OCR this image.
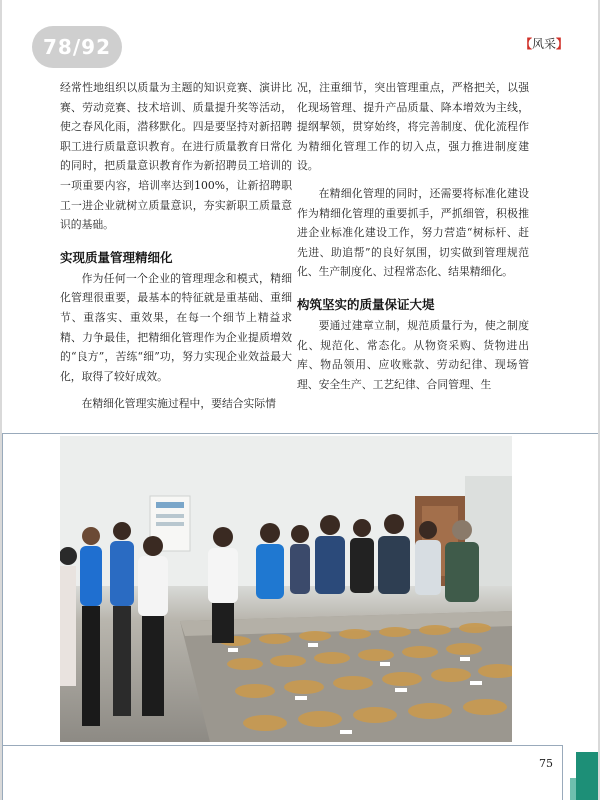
78/92	【风采】

经常性地组织以质量为主题的知识竞赛、演讲比赛、劳动竞赛、技术培训、质量提升奖等活动，使之春风化雨，潜移默化。四是要坚持对新招聘职工进行质量意识教育。在进行质量教育日常化的同时，把质量意识教育作为新招聘员工培训的一项重要内容，培训率达到100%，让新招聘职工一进企业就树立质量意识，夯实新职工质量意识的基础。

实现质量管理精细化

作为任何一个企业的管理理念和模式，精细化管理很重要，最基本的特征就是重基础、重细节、重落实、重效果，在每一个细节上精益求精、力争最佳，把精细化管理作为企业提质增效的“良方”，苦练“细”功，努力实现企业效益最大化，取得了较好成效。

在精细化管理实施过程中，要结合实际情

况，注重细节，突出管理重点，严格把关，以强化现场管理、提升产品质量、降本增效为主线，提纲挈领，贯穿始终，将完善制度、优化流程作为精细化管理工作的切入点，强力推进制度建设。

在精细化管理的同时，还需要将标准化建设作为精细化管理的重要抓手，严抓细管，积极推进企业标准化建设工作，努力营造“树标杆、赶先进、助追帮”的良好氛围，切实做到管理规范化、生产制度化、过程常态化、结果精细化。

构筑坚实的质量保证大堤

要通过建章立制，规范质量行为，使之制度化、规范化、常态化。从物资采购、货物进出库、物品领用、应收账款、劳动纪律、现场管理、安全生产、工艺纪律、合同管理、生

75
